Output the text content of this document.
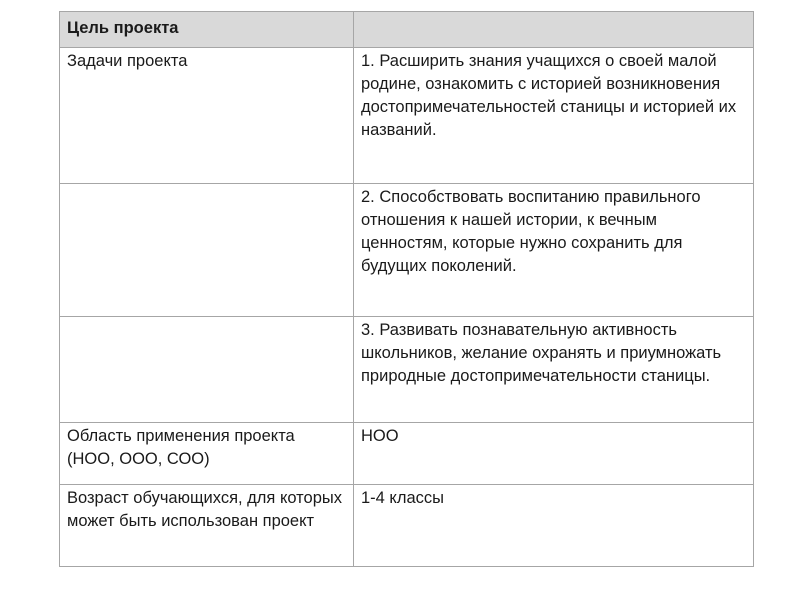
Цель проекта	
Задачи проекта	1. Расширить знания учащихся о своей малой родине, ознакомить с историей возникновения достопримечательностей станицы и историей их названий.
	2. Способствовать воспитанию правильного отношения к нашей истории, к вечным ценностям, которые нужно сохранить для будущих поколений.
	3. Развивать познавательную активность школьников, желание охранять и приумножать природные достопримечательности станицы.
Область применения проекта (НОО, ООО, СОО)	НОО
Возраст обучающихся, для которых может быть использован проект	1-4 классы
